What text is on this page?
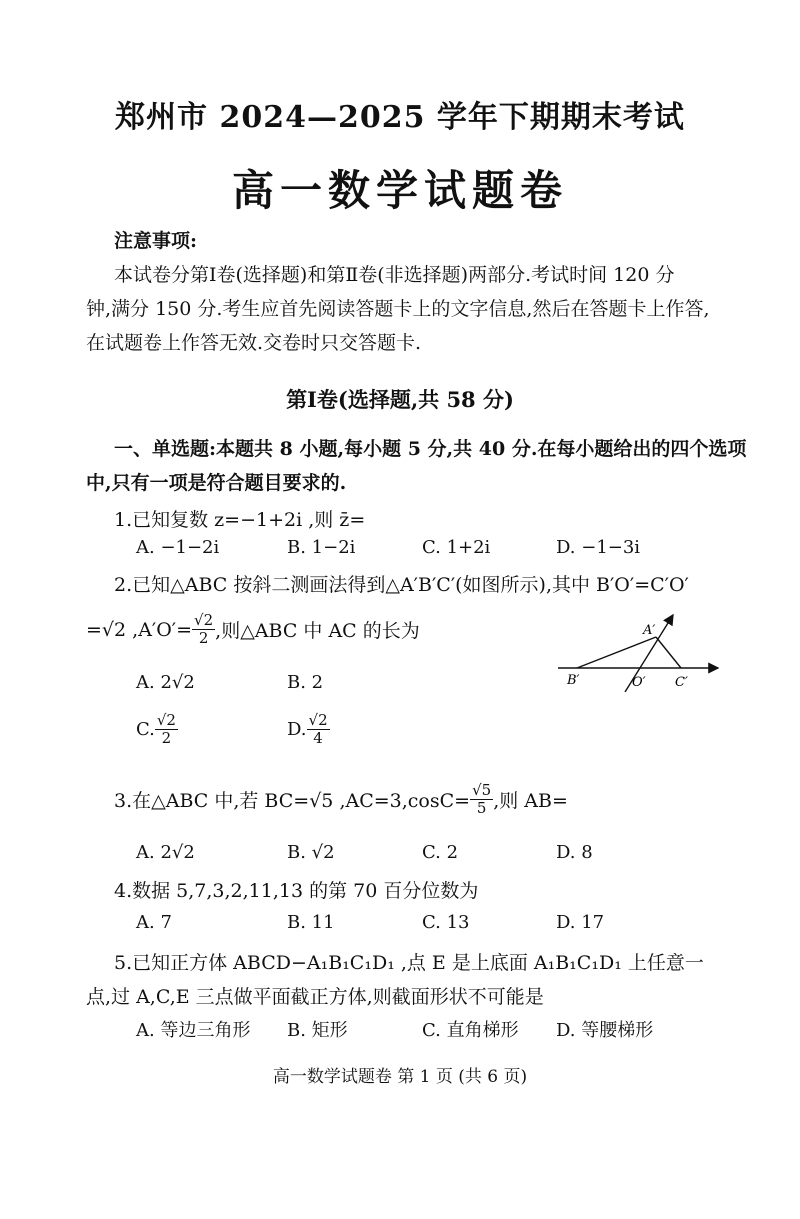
郑州市 2024—2025 学年下期期末考试
高一数学试题卷
注意事项:
本试卷分第Ⅰ卷(选择题)和第Ⅱ卷(非选择题)两部分.考试时间 120 分
钟,满分 150 分.考生应首先阅读答题卡上的文字信息,然后在答题卡上作答,
在试题卷上作答无效.交卷时只交答题卡.
第Ⅰ卷(选择题,共 58 分)
一、单选题:本题共 8 小题,每小题 5 分,共 40 分.在每小题给出的四个选项
中,只有一项是符合题目要求的.
1.已知复数 z=−1+2i ,则 z̄=
A. −1−2i	B. 1−2i	C. 1+2i	D. −1−3i
2.已知△ABC 按斜二测画法得到△A′B′C′(如图所示),其中 B′O′=C′O′
=√2 $,A'O'= \frac{√2}{2}$ ,则△ABC 中 AC 的长为	A′
B′	O′ C′
A. 2√2	B. 2
C. $\frac{√2}{2}$	D. $\frac{√2}{4}$
3.在△ABC 中,若 BC=√5 $,AC=3,\cos C= \frac{√5}{5}$ ,则 AB=
A. 2√2	B. √2	C. 2	D. 8
4.数据 5,7,3,2,11,13 的第 70 百分位数为
A. 7	B. 11	C. 13	D. 17
5.已知正方体 ABCD−A₁B₁C₁D₁ ,点 E 是上底面 A₁B₁C₁D₁ 上任意一
点,过 A,C,E 三点做平面截正方体,则截面形状不可能是
A. 等边三角形 B. 矩形	C. 直角梯形 D. 等腰梯形
高一数学试题卷 第 1 页 (共 6 页)
